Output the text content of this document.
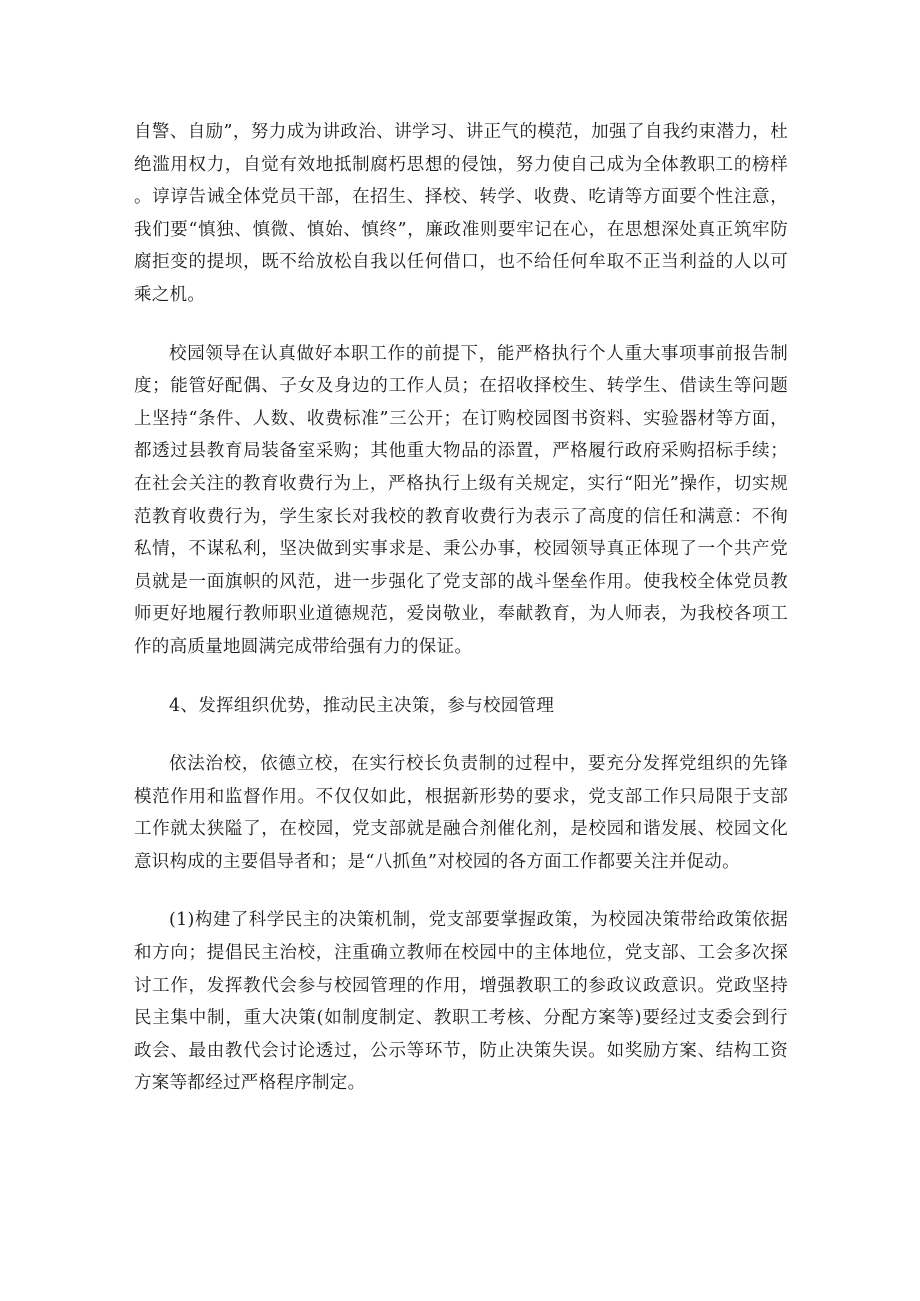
自警、自励”，努力成为讲政治、讲学习、讲正气的模范，加强了自我约束潜力，杜绝滥用权力，自觉有效地抵制腐朽思想的侵蚀，努力使自己成为全体教职工的榜样。谆谆告诫全体党员干部，在招生、择校、转学、收费、吃请等方面要个性注意，我们要“慎独、慎微、慎始、慎终”，廉政准则要牢记在心，在思想深处真正筑牢防腐拒变的提坝，既不给放松自我以任何借口，也不给任何牟取不正当利益的人以可乘之机。

校园领导在认真做好本职工作的前提下，能严格执行个人重大事项事前报告制度；能管好配偶、子女及身边的工作人员；在招收择校生、转学生、借读生等问题上坚持“条件、人数、收费标准”三公开；在订购校园图书资料、实验器材等方面，都透过县教育局装备室采购；其他重大物品的添置，严格履行政府采购招标手续；在社会关注的教育收费行为上，严格执行上级有关规定，实行“阳光”操作，切实规范教育收费行为，学生家长对我校的教育收费行为表示了高度的信任和满意：不徇私情，不谋私利，坚决做到实事求是、秉公办事，校园领导真正体现了一个共产党员就是一面旗帜的风范，进一步强化了党支部的战斗堡垒作用。使我校全体党员教师更好地履行教师职业道德规范，爱岗敬业，奉献教育，为人师表，为我校各项工作的高质量地圆满完成带给强有力的保证。

4、发挥组织优势，推动民主决策，参与校园管理

依法治校，依德立校，在实行校长负责制的过程中，要充分发挥党组织的先锋模范作用和监督作用。不仅仅如此，根据新形势的要求，党支部工作只局限于支部工作就太狭隘了，在校园，党支部就是融合剂催化剂，是校园和谐发展、校园文化意识构成的主要倡导者和；是“八抓鱼”对校园的各方面工作都要关注并促动。

(1)构建了科学民主的决策机制，党支部要掌握政策，为校园决策带给政策依据和方向；提倡民主治校，注重确立教师在校园中的主体地位，党支部、工会多次探讨工作，发挥教代会参与校园管理的作用，增强教职工的参政议政意识。党政坚持民主集中制，重大决策(如制度制定、教职工考核、分配方案等)要经过支委会到行政会、最由教代会讨论透过，公示等环节，防止决策失误。如奖励方案、结构工资方案等都经过严格程序制定。
